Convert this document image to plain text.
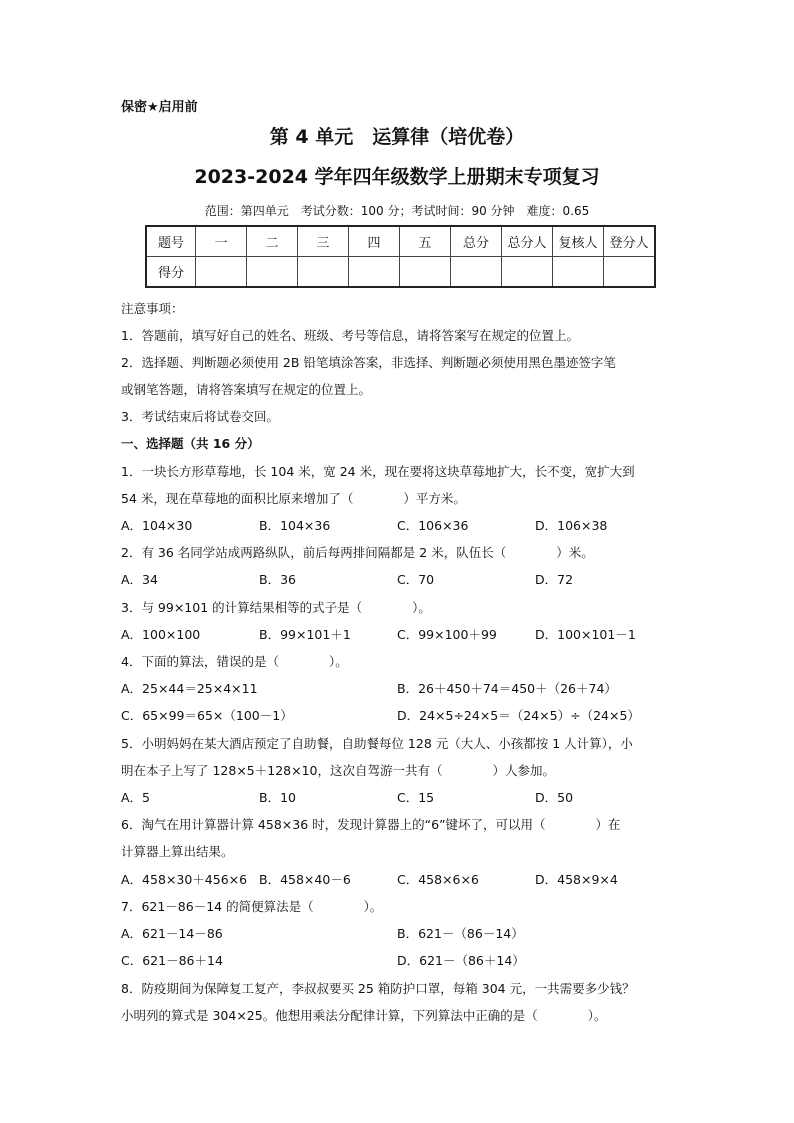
保密★启用前
第 4 单元　运算律（培优卷）
2023-2024 学年四年级数学上册期末专项复习
范围：第四单元　考试分数：100 分；考试时间：90 分钟　难度：0.65
题号	一	二	三	四	五	总分	总分人	复核人	登分人
得分									
注意事项：
1．答题前，填写好自己的姓名、班级、考号等信息，请将答案写在规定的位置上。
2．选择题、判断题必须使用 2B 铅笔填涂答案，非选择、判断题必须使用黑色墨迹签字笔
或钢笔答题，请将答案填写在规定的位置上。
3．考试结束后将试卷交回。
一、选择题（共 16 分）
1．一块长方形草莓地，长 104 米，宽 24 米，现在要将这块草莓地扩大，长不变，宽扩大到
54 米，现在草莓地的面积比原来增加了（　　　　）平方米。
A．104×30	B．104×36	C．106×36	D．106×38
2．有 36 名同学站成两路纵队，前后每两排间隔都是 2 米，队伍长（　　　　）米。
A．34	B．36	C．70	D．72
3．与 99×101 的计算结果相等的式子是（　　　　）。
A．100×100	B．99×101＋1	C．99×100＋99	D．100×101－1
4．下面的算法，错误的是（　　　　）。
A．25×44＝25×4×11	B．26＋450＋74＝450＋（26＋74）
C．65×99＝65×（100－1）	D．24×5÷24×5＝（24×5）÷（24×5）
5．小明妈妈在某大酒店预定了自助餐，自助餐每位 128 元（大人、小孩都按 1 人计算），小
明在本子上写了 128×5＋128×10，这次自驾游一共有（　　　　）人参加。
A．5	B．10	C．15	D．50
6．淘气在用计算器计算 458×36 时，发现计算器上的“6”键坏了，可以用（　　　　）在
计算器上算出结果。
A．458×30＋456×6 B．458×40－6	C．458×6×6	D．458×9×4
7．621－86－14 的简便算法是（　　　　）。
A．621－14－86	B．621－（86－14）
C．621－86＋14	D．621－（86＋14）
8．防疫期间为保障复工复产，李叔叔要买 25 箱防护口罩，每箱 304 元，一共需要多少钱？
小明列的算式是 304×25。他想用乘法分配律计算，下列算法中正确的是（　　　　）。
